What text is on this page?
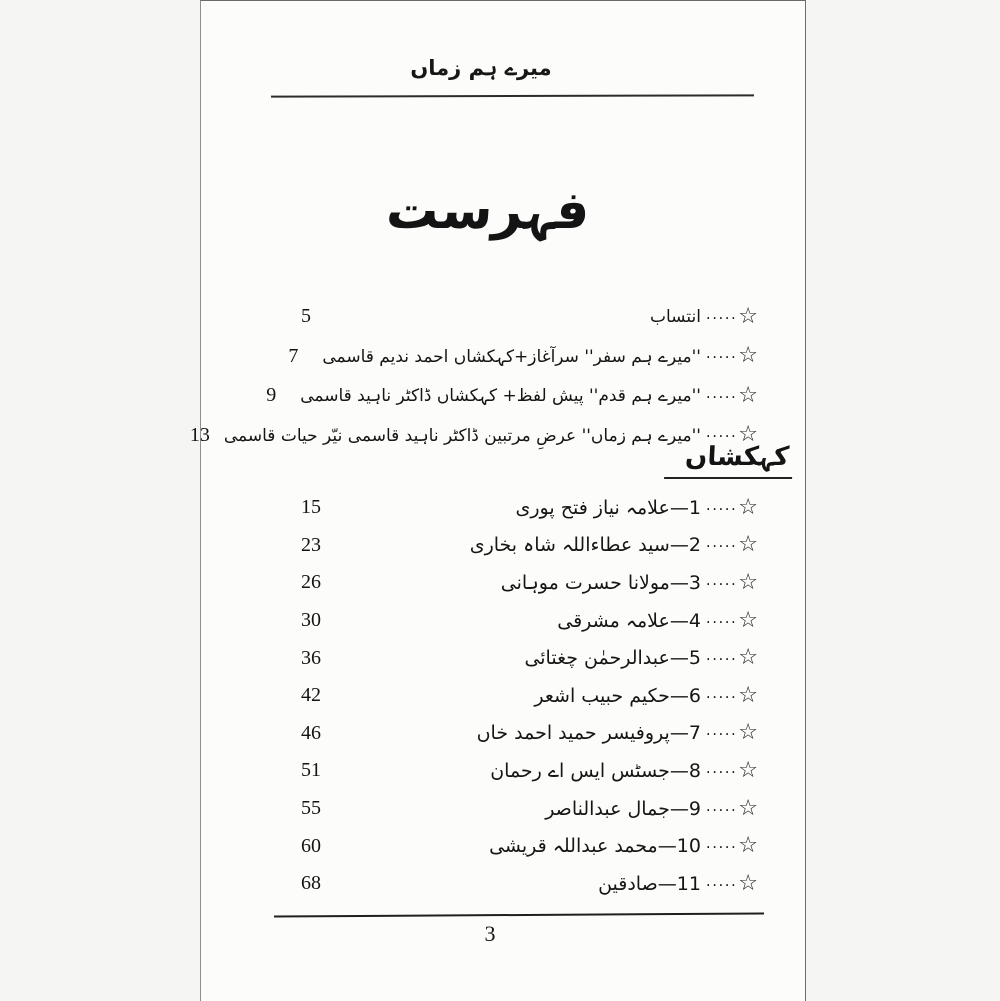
میرے ہم زماں
فہرست
☆
.....
انتساب
5
☆
.....
''میرے ہم سفر'' سرآغاز+کہکشاں احمد ندیم قاسمی
7
☆
.....
''میرے ہم قدم'' پیش لفظ+ کہکشاں ڈاکٹر ناہید قاسمی
9
☆
.....
''میرے ہم زماں'' عرضِ مرتبین ڈاکٹر ناہید قاسمی نیّر حیات قاسمی
13
کہکشاں
☆
.....
1—علامہ نیاز فتح پوری
15
☆
.....
2—سید عطاءاللہ شاہ بخاری
23
☆
.....
3—مولانا حسرت موہانی
26
☆
.....
4—علامہ مشرقی
30
☆
.....
5—عبدالرحمٰن چغتائی
36
☆
.....
6—حکیم حبیب اشعر
42
☆
.....
7—پروفیسر حمید احمد خاں
46
☆
.....
8—جسٹس ایس اے رحمان
51
☆
.....
9—جمال عبدالناصر
55
☆
.....
10—محمد عبداللہ قریشی
60
☆
.....
11—صادقین
68
3
